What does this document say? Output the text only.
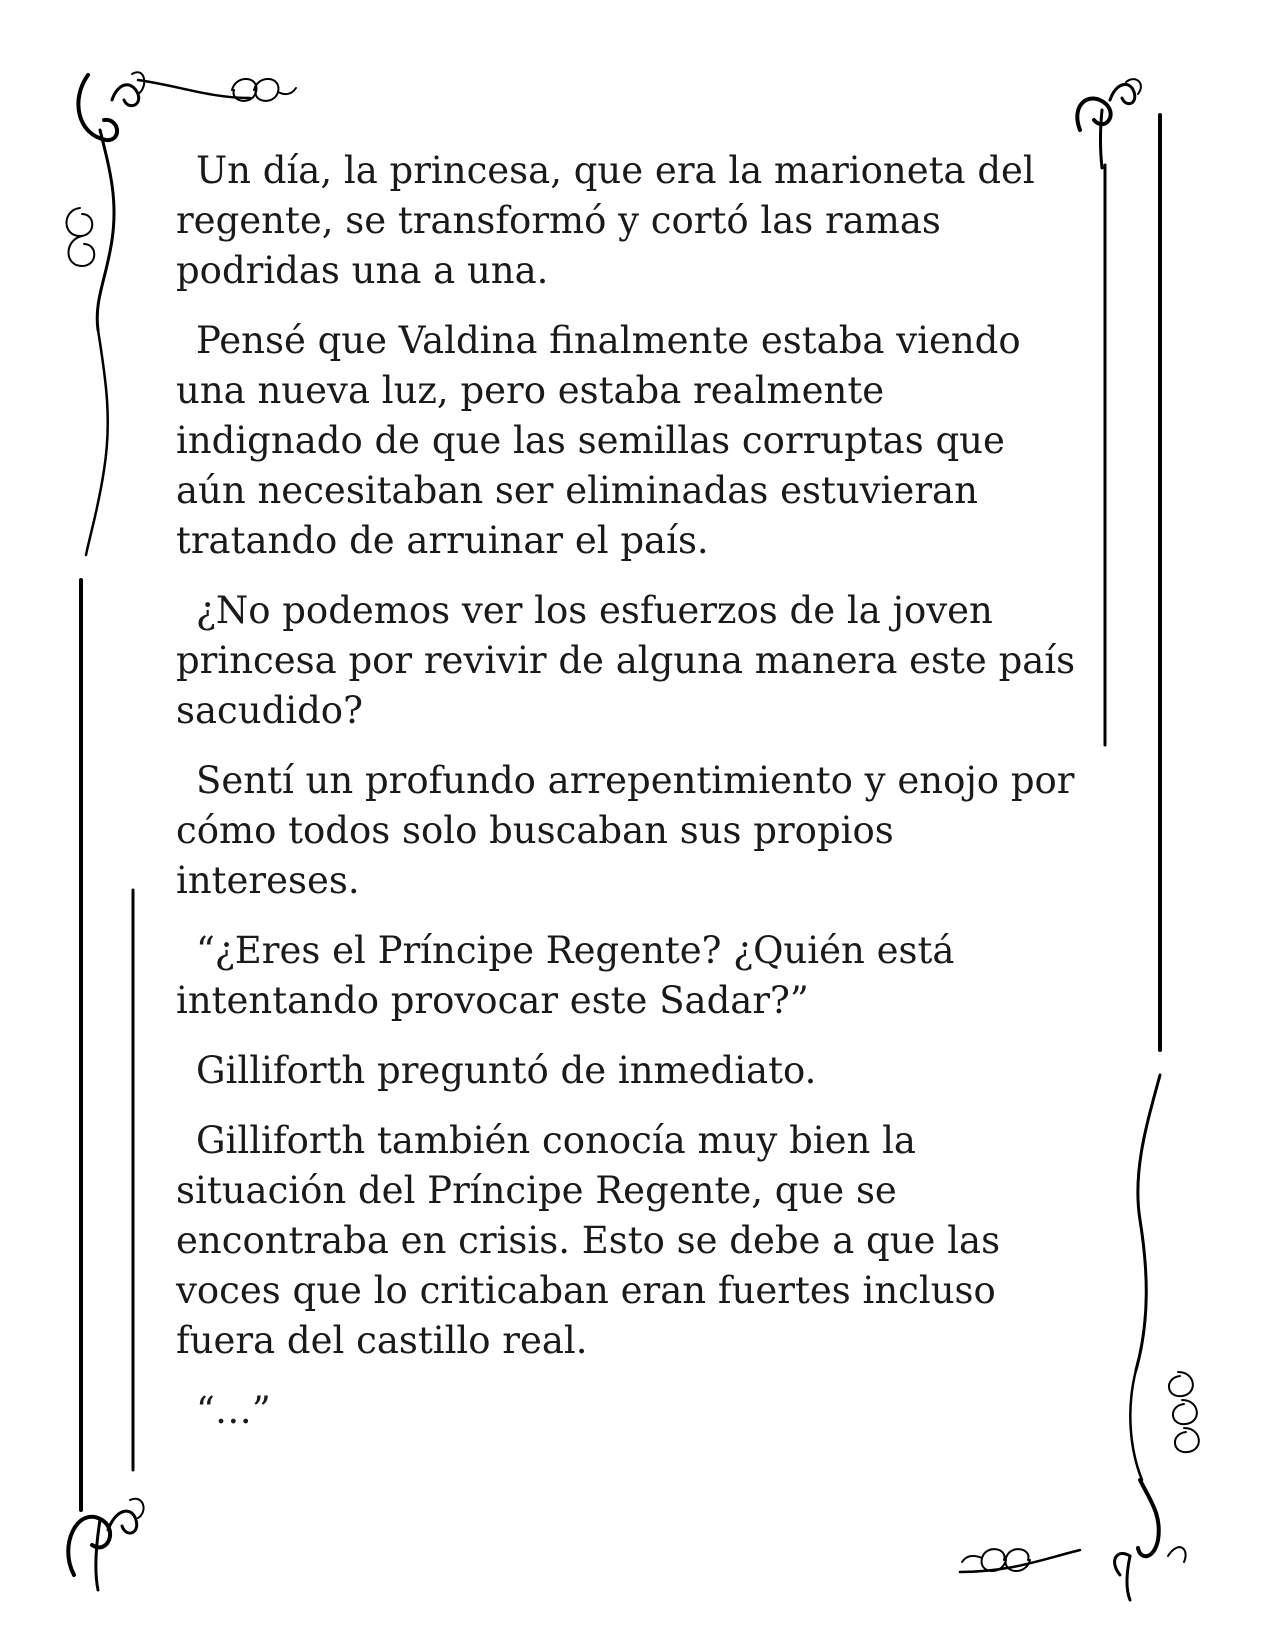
Un día, la princesa, que era la marioneta del regente, se transformó y cortó las ramas podridas una a una.

Pensé que Valdina finalmente estaba viendo una nueva luz, pero estaba realmente indignado de que las semillas corruptas que aún necesitaban ser eliminadas estuvieran tratando de arruinar el país.

¿No podemos ver los esfuerzos de la joven princesa por revivir de alguna manera este país sacudido?

Sentí un profundo arrepentimiento y enojo por cómo todos solo buscaban sus propios intereses.

“¿Eres el Príncipe Regente? ¿Quién está intentando provocar este Sadar?”

Gilliforth preguntó de inmediato.

Gilliforth también conocía muy bien la situación del Príncipe Regente, que se encontraba en crisis. Esto se debe a que las voces que lo criticaban eran fuertes incluso fuera del castillo real.

“…”
